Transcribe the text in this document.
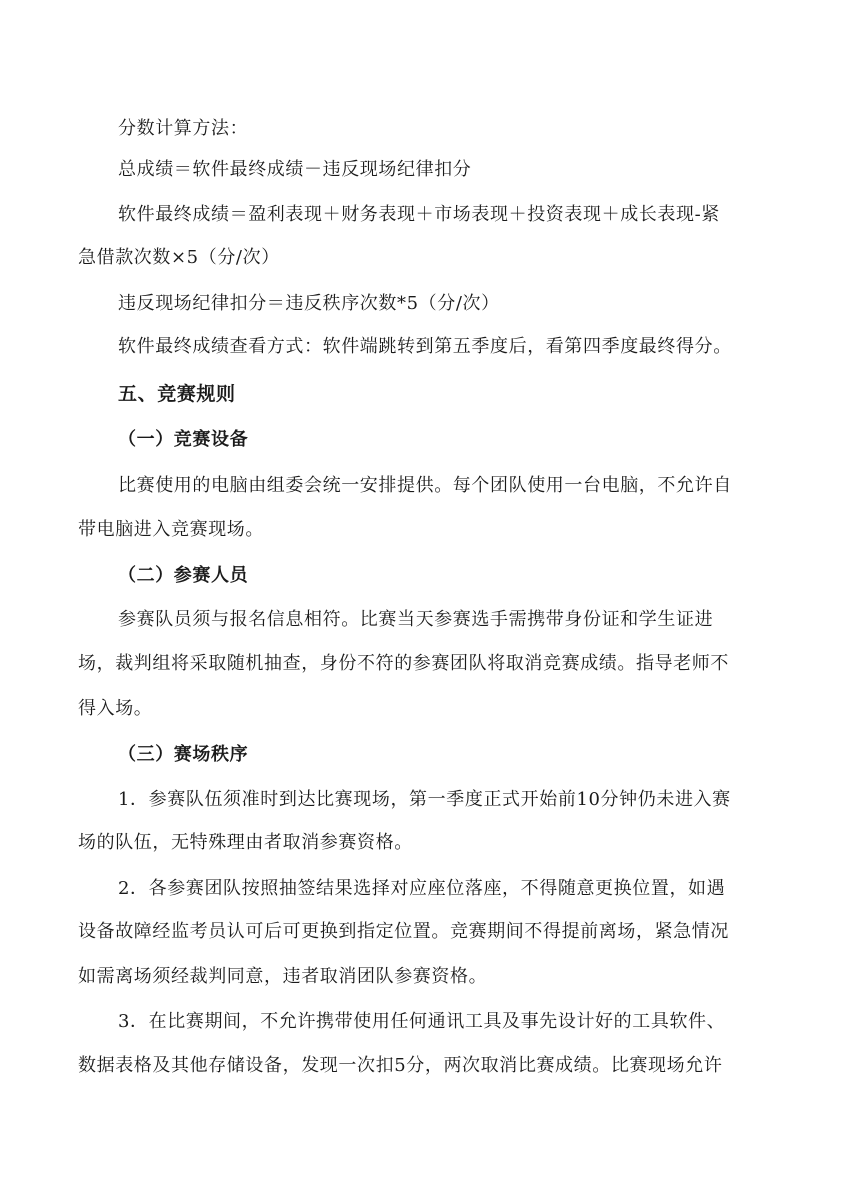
分数计算方法：
总成绩＝软件最终成绩－违反现场纪律扣分
软件最终成绩＝盈利表现＋财务表现＋市场表现＋投资表现＋成长表现-紧
急借款次数×5（分/次）
违反现场纪律扣分＝违反秩序次数*5（分/次）
软件最终成绩查看方式：软件端跳转到第五季度后，看第四季度最终得分。
五、竞赛规则
（一）竞赛设备
比赛使用的电脑由组委会统一安排提供。每个团队使用一台电脑，不允许自
带电脑进入竞赛现场。
（二）参赛人员
参赛队员须与报名信息相符。比赛当天参赛选手需携带身份证和学生证进
场，裁判组将采取随机抽查，身份不符的参赛团队将取消竞赛成绩。指导老师不
得入场。
（三）赛场秩序
1．参赛队伍须准时到达比赛现场，第一季度正式开始前10分钟仍未进入赛
场的队伍，无特殊理由者取消参赛资格。
2．各参赛团队按照抽签结果选择对应座位落座，不得随意更换位置，如遇
设备故障经监考员认可后可更换到指定位置。竞赛期间不得提前离场，紧急情况
如需离场须经裁判同意，违者取消团队参赛资格。
3．在比赛期间，不允许携带使用任何通讯工具及事先设计好的工具软件、
数据表格及其他存储设备，发现一次扣5分，两次取消比赛成绩。比赛现场允许
